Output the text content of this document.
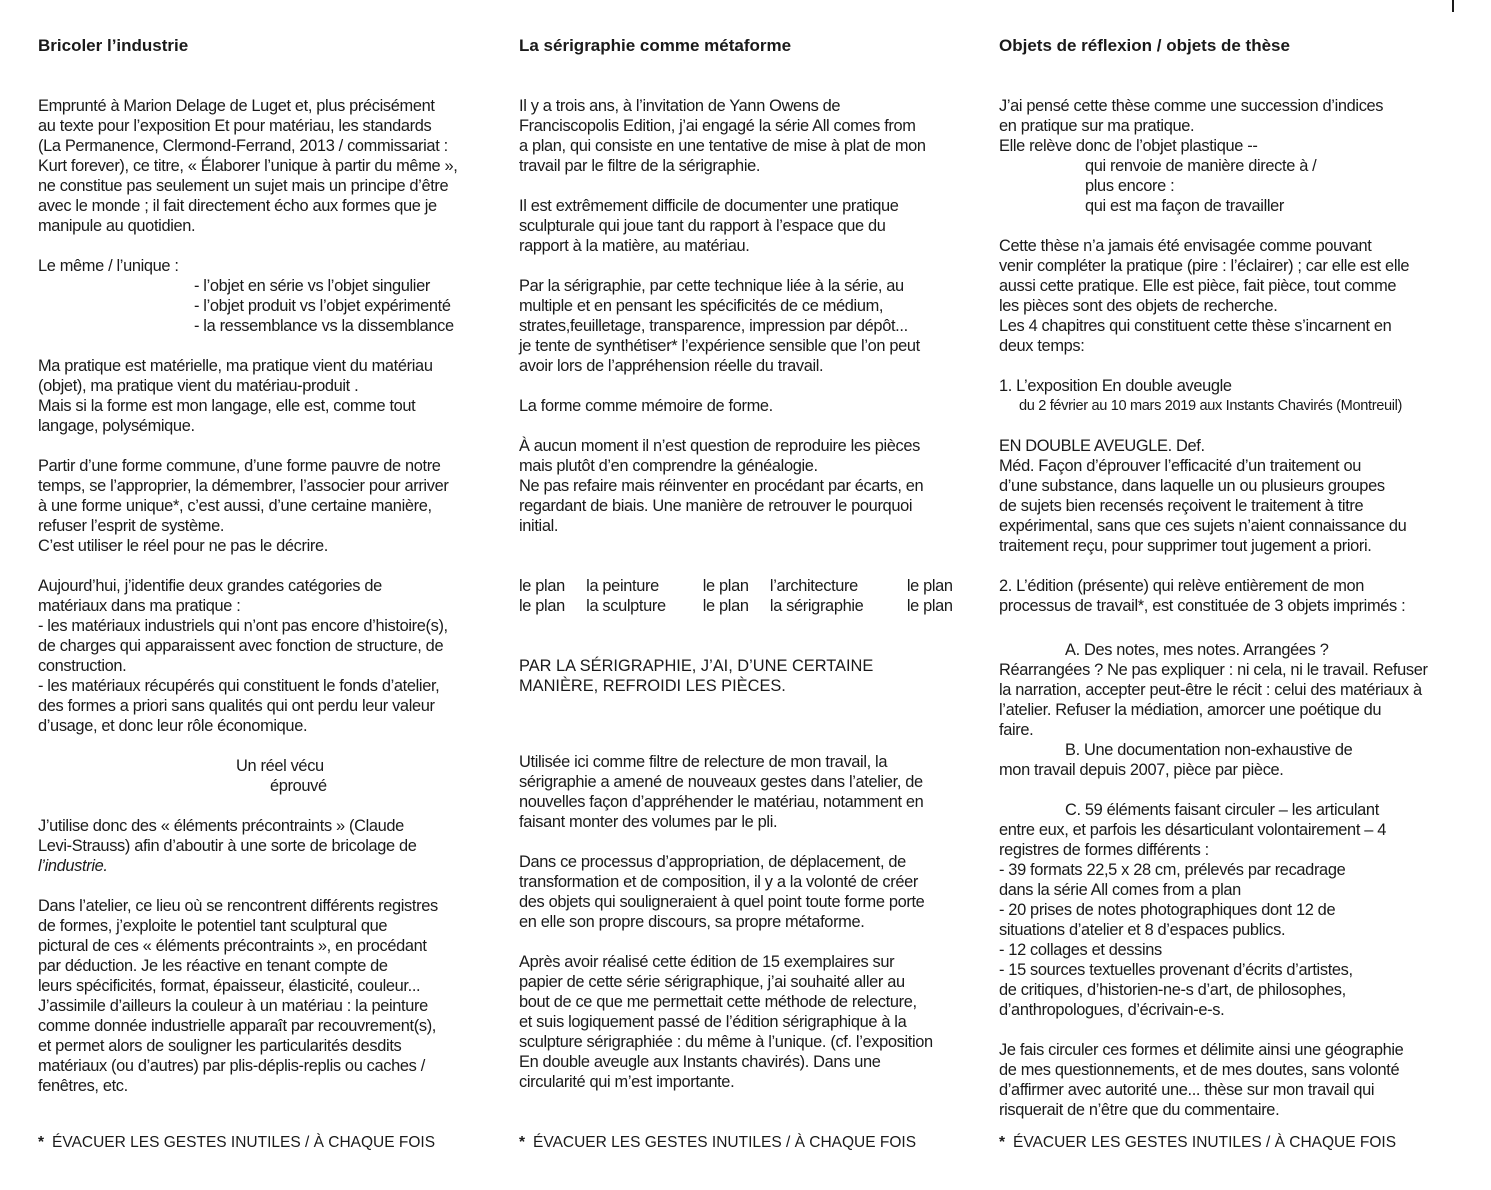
Bricoler l’industrie
Emprunté à Marion Delage de Luget et, plus précisément
au texte pour l’exposition Et pour matériau, les standards
(La Permanence, Clermond-Ferrand, 2013 / commissariat :
Kurt forever), ce titre, « Élaborer l’unique à partir du même »,
ne constitue pas seulement un sujet mais un principe d’être
avec le monde ; il fait directement écho aux formes que je
manipule au quotidien.
Le même / l’unique :
- l’objet en série vs l’objet singulier
- l’objet produit vs l’objet expérimenté
- la ressemblance vs la dissemblance
Ma pratique est matérielle, ma pratique vient du matériau
(objet), ma pratique vient du matériau-produit .
Mais si la forme est mon langage, elle est, comme tout
langage, polysémique.
Partir d’une forme commune, d’une forme pauvre de notre
temps, se l’approprier, la démembrer, l’associer pour arriver
à une forme unique*, c’est aussi, d’une certaine manière,
refuser l’esprit de système.
C’est utiliser le réel pour ne pas le décrire.
Aujourd’hui, j’identifie deux grandes catégories de
matériaux dans ma pratique :
- les matériaux industriels qui n’ont pas encore d’histoire(s),
de charges qui apparaissent avec fonction de structure, de
construction.
- les matériaux récupérés qui constituent le fonds d’atelier,
des formes a priori sans qualités qui ont perdu leur valeur
d’usage, et donc leur rôle économique.
Un réel vécu
éprouvé
J’utilise donc des « éléments précontraints » (Claude
Levi-Strauss) afin d’aboutir à une sorte de bricolage de
l’industrie.
Dans l’atelier, ce lieu où se rencontrent différents registres
de formes, j’exploite le potentiel tant sculptural que
pictural de ces « éléments précontraints », en procédant
par déduction. Je les réactive en tenant compte de
leurs spécificités, format, épaisseur, élasticité, couleur...
J’assimile d’ailleurs la couleur à un matériau : la peinture
comme donnée industrielle apparaît par recouvrement(s),
et permet alors de souligner les particularités desdits
matériaux (ou d’autres) par plis-déplis-replis ou caches /
fenêtres, etc.
* ÉVACUER LES GESTES INUTILES / À CHAQUE FOIS
La sérigraphie comme métaforme
Il y a trois ans, à l’invitation de Yann Owens de
Franciscopolis Edition, j’ai engagé la série All comes from
a plan, qui consiste en une tentative de mise à plat de mon
travail par le filtre de la sérigraphie.
Il est extrêmement difficile de documenter une pratique
sculpturale qui joue tant du rapport à l’espace que du
rapport à la matière, au matériau.
Par la sérigraphie, par cette technique liée à la série, au
multiple et en pensant les spécificités de ce médium,
strates,feuilletage, transparence, impression par dépôt...
je tente de synthétiser* l’expérience sensible que l’on peut
avoir lors de l’appréhension réelle du travail.
La forme comme mémoire de forme.
À aucun moment il n’est question de reproduire les pièces
mais plutôt d’en comprendre la généalogie.
Ne pas refaire mais réinventer en procédant par écarts, en
regardant de biais. Une manière de retrouver le pourquoi
initial.
le plan	la peinture	le plan	l’architecture	le plan
le plan	la sculpture	le plan	la sérigraphie	le plan
PAR LA SÉRIGRAPHIE, J’AI, D’UNE CERTAINE
MANIÈRE, REFROIDI LES PIÈCES.
Utilisée ici comme filtre de relecture de mon travail, la
sérigraphie a amené de nouveaux gestes dans l’atelier, de
nouvelles façon d’appréhender le matériau, notamment en
faisant monter des volumes par le pli.
Dans ce processus d’appropriation, de déplacement, de
transformation et de composition, il y a la volonté de créer
des objets qui souligneraient à quel point toute forme porte
en elle son propre discours, sa propre métaforme.
Après avoir réalisé cette édition de 15 exemplaires sur
papier de cette série sérigraphique, j’ai souhaité aller au
bout de ce que me permettait cette méthode de relecture,
et suis logiquement passé de l’édition sérigraphique à la
sculpture sérigraphiée : du même à l’unique. (cf. l’exposition
En double aveugle aux Instants chavirés). Dans une
circularité qui m’est importante.
* ÉVACUER LES GESTES INUTILES / À CHAQUE FOIS
Objets de réflexion / objets de thèse
J’ai pensé cette thèse comme une succession d’indices
en pratique sur ma pratique.
Elle relève donc de l’objet plastique --
qui renvoie de manière directe à /
plus encore :
qui est ma façon de travailler
Cette thèse n’a jamais été envisagée comme pouvant
venir compléter la pratique (pire : l’éclairer) ; car elle est elle
aussi cette pratique. Elle est pièce, fait pièce, tout comme
les pièces sont des objets de recherche.
Les 4 chapitres qui constituent cette thèse s’incarnent en
deux temps:
1. L’exposition En double aveugle
du 2 février au 10 mars 2019 aux Instants Chavirés (Montreuil)
EN DOUBLE AVEUGLE. Def.
Méd. Façon d’éprouver l’efficacité d’un traitement ou
d’une substance, dans laquelle un ou plusieurs groupes
de sujets bien recensés reçoivent le traitement à titre
expérimental, sans que ces sujets n’aient connaissance du
traitement reçu, pour supprimer tout jugement a priori.
2. L’édition (présente) qui relève entièrement de mon
processus de travail*, est constituée de 3 objets imprimés :
A. Des notes, mes notes. Arrangées ?
Réarrangées ? Ne pas expliquer : ni cela, ni le travail. Refuser
la narration, accepter peut-être le récit : celui des matériaux à
l’atelier. Refuser la médiation, amorcer une poétique du
faire.
B. Une documentation non-exhaustive de
mon travail depuis 2007, pièce par pièce.
C. 59 éléments faisant circuler – les articulant
entre eux, et parfois les désarticulant volontairement – 4
registres de formes différents :
- 39 formats 22,5 x 28 cm, prélevés par recadrage
dans la série All comes from a plan
- 20 prises de notes photographiques dont 12 de
situations d’atelier et 8 d’espaces publics.
- 12 collages et dessins
- 15 sources textuelles provenant d’écrits d’artistes,
de critiques, d’historien-ne-s d’art, de philosophes,
d’anthropologues, d’écrivain-e-s.
Je fais circuler ces formes et délimite ainsi une géographie
de mes questionnements, et de mes doutes, sans volonté
d’affirmer avec autorité une... thèse sur mon travail qui
risquerait de n’être que du commentaire.
* ÉVACUER LES GESTES INUTILES / À CHAQUE FOIS
